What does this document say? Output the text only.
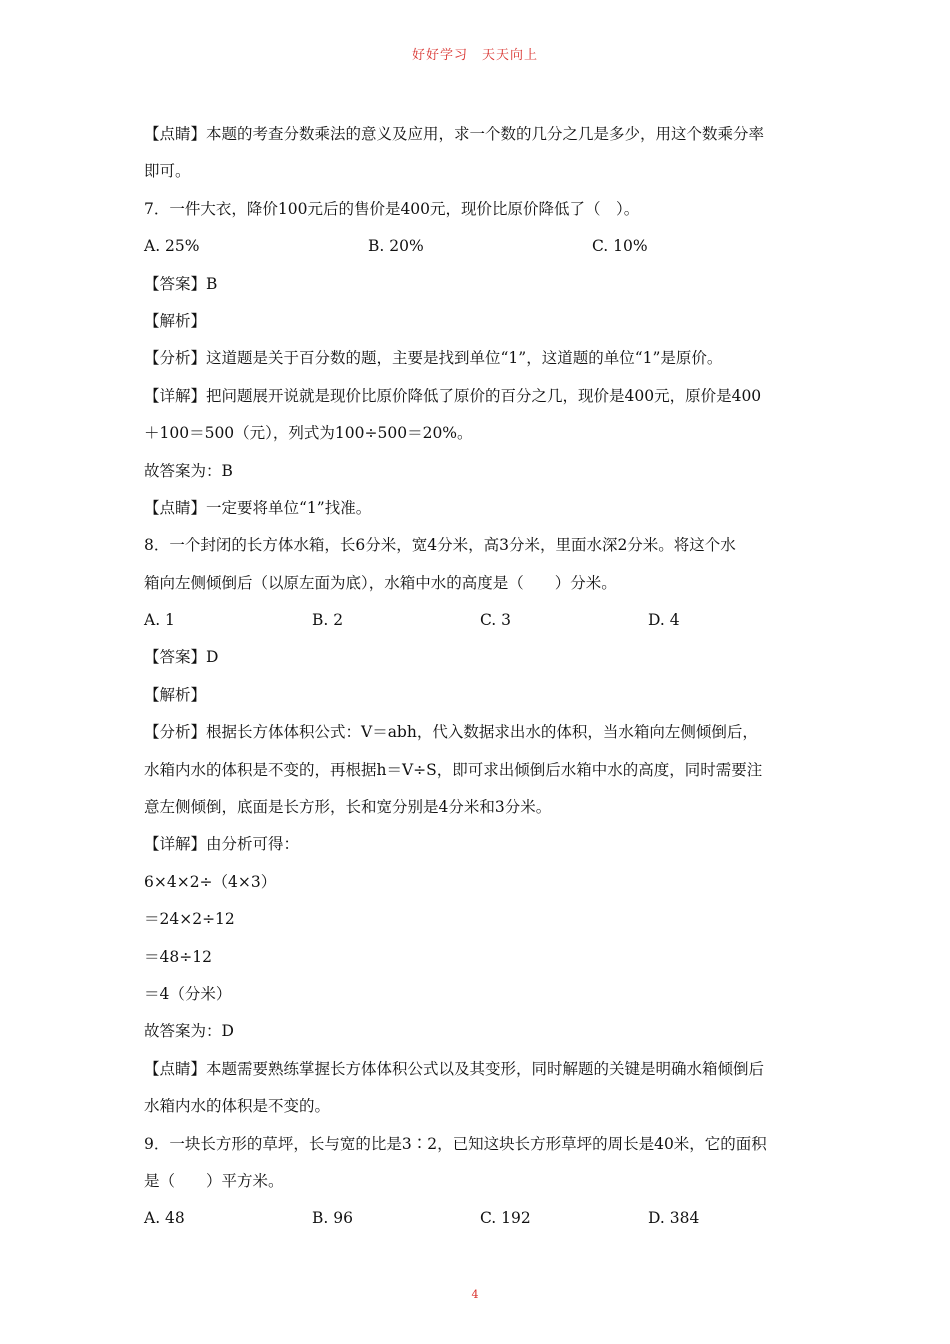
好好学习　天天向上
【点睛】本题的考查分数乘法的意义及应用，求一个数的几分之几是多少，用这个数乘分率
即可。
7．一件大衣，降价100元后的售价是400元，现价比原价降低了（　）。
A. 25%	B. 20%	C. 10%
【答案】B
【解析】
【分析】这道题是关于百分数的题，主要是找到单位“1”，这道题的单位“1”是原价。
【详解】把问题展开说就是现价比原价降低了原价的百分之几，现价是400元，原价是400
＋100＝500（元），列式为100÷500＝20%。
故答案为：B
【点睛】一定要将单位“1”找准。
8．一个封闭的长方体水箱，长6分米，宽4分米，高3分米，里面水深2分米。将这个水
箱向左侧倾倒后（以原左面为底），水箱中水的高度是（　　）分米。
A. 1	B. 2	C. 3	D. 4
【答案】D
【解析】
【分析】根据长方体体积公式：V＝abh，代入数据求出水的体积，当水箱向左侧倾倒后，
水箱内水的体积是不变的，再根据h＝V÷S，即可求出倾倒后水箱中水的高度，同时需要注
意左侧倾倒，底面是长方形，长和宽分别是4分米和3分米。
【详解】由分析可得：
6×4×2÷（4×3）
＝24×2÷12
＝48÷12
＝4（分米）
故答案为：D
【点睛】本题需要熟练掌握长方体体积公式以及其变形，同时解题的关键是明确水箱倾倒后
水箱内水的体积是不变的。
9．一块长方形的草坪，长与宽的比是3∶2，已知这块长方形草坪的周长是40米，它的面积
是（　　）平方米。
A. 48	B. 96	C. 192	D. 384
4
